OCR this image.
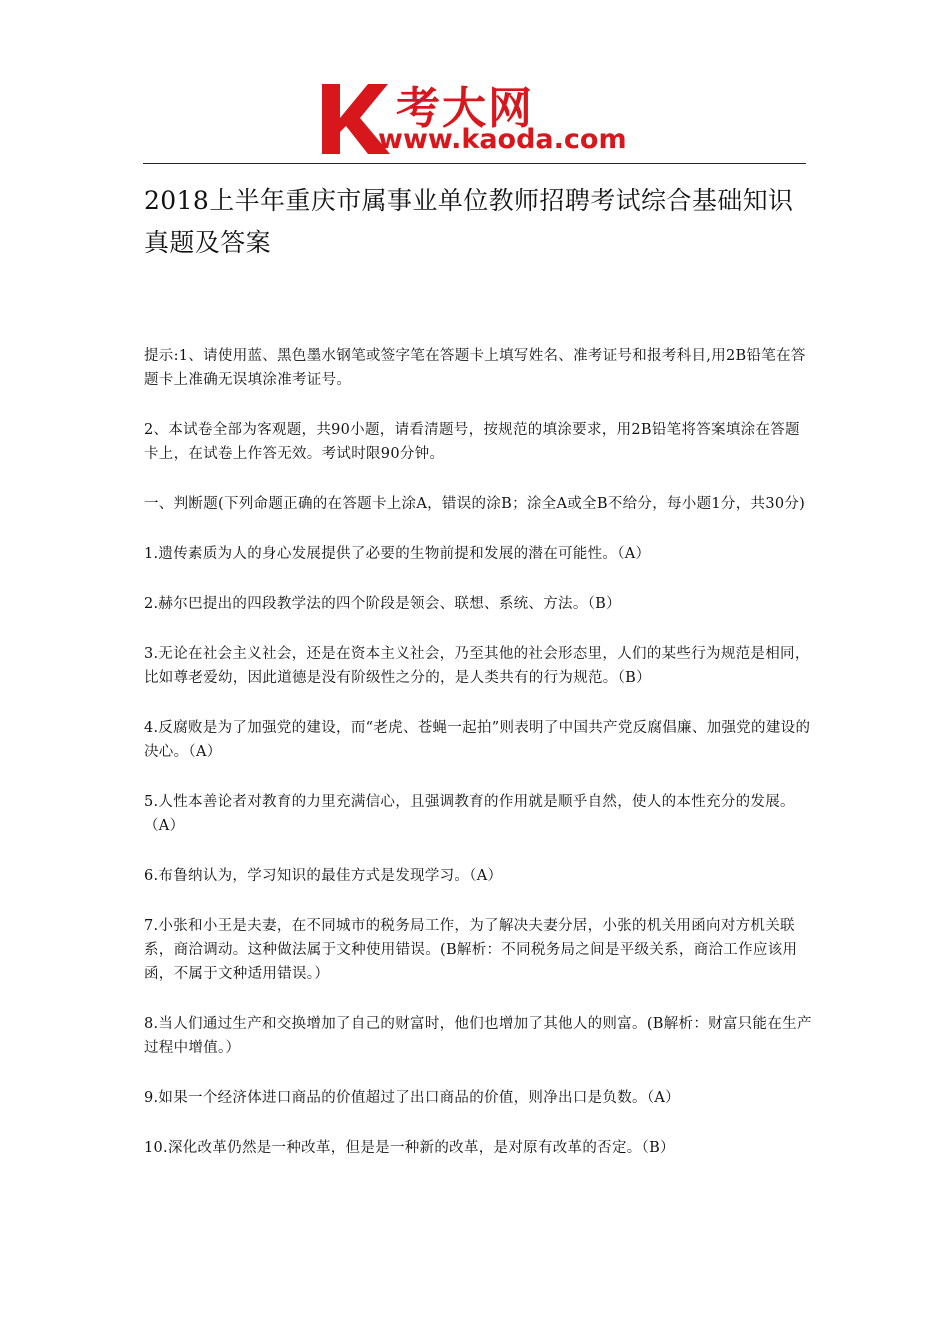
考大网
www.kaoda.com
2018上半年重庆市属事业单位教师招聘考试综合基础知识真题及答案

提示:1、请使用蓝、黑色墨水钢笔或签字笔在答题卡上填写姓名、准考证号和报考科目,用2B铅笔在答题卡上准确无误填涂准考证号。

2、本试卷全部为客观题，共90小题，请看清题号，按规范的填涂要求，用2B铅笔将答案填涂在答题卡上，在试卷上作答无效。考试时限90分钟。

一、判断题(下列命题正确的在答题卡上涂A，错误的涂B；涂全A或全B不给分，每小题1分，共30分)

1.遗传素质为人的身心发展提供了必要的生物前提和发展的潜在可能性。（A）

2.赫尔巴提出的四段教学法的四个阶段是领会、联想、系统、方法。（B）

3.无论在社会主义社会，还是在资本主义社会，乃至其他的社会形态里，人们的某些行为规范是相同，比如尊老爱幼，因此道德是没有阶级性之分的，是人类共有的行为规范。（B）

4.反腐败是为了加强党的建设，而“老虎、苍蝇一起拍”则表明了中国共产党反腐倡廉、加强党的建设的决心。（A）

5.人性本善论者对教育的力里充满信心，且强调教育的作用就是顺乎自然，使人的本性充分的发展。（A）

6.布鲁纳认为，学习知识的最佳方式是发现学习。（A）

7.小张和小王是夫妻，在不同城市的税务局工作，为了解决夫妻分居，小张的机关用函向对方机关联系，商洽调动。这种做法属于文种使用错误。(B解析：不同税务局之间是平级关系，商洽工作应该用函，不属于文种适用错误。）

8.当人们通过生产和交换增加了自己的财富时，他们也增加了其他人的则富。(B解析：财富只能在生产过程中增值。）

9.如果一个经济体进口商品的价值超过了出口商品的价值，则净出口是负数。（A）

10.深化改革仍然是一种改革，但是是一种新的改革，是对原有改革的否定。（B）
